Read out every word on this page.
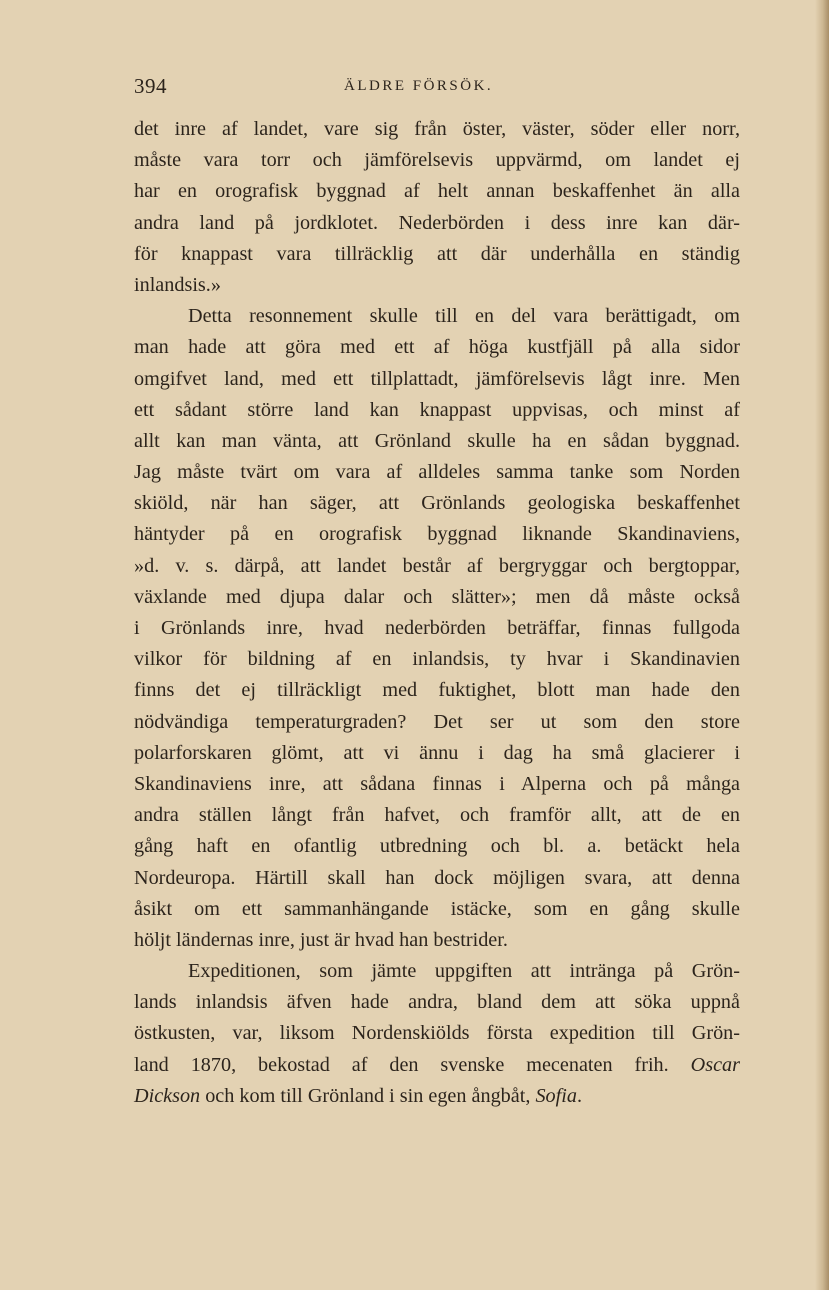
394	ÄLDRE FÖRSÖK.
det inre af landet, vare sig från öster, väster, söder eller norr,
måste vara torr och jämförelsevis uppvärmd, om landet ej
har en orografisk byggnad af helt annan beskaffenhet än alla
andra land på jordklotet. Nederbörden i dess inre kan där-
för knappast vara tillräcklig att där underhålla en ständig
inlandsis.»
Detta resonnement skulle till en del vara berättigadt, om
man hade att göra med ett af höga kustfjäll på alla sidor
omgifvet land, med ett tillplattadt, jämförelsevis lågt inre. Men
ett sådant större land kan knappast uppvisas, och minst af
allt kan man vänta, att Grönland skulle ha en sådan byggnad.
Jag måste tvärt om vara af alldeles samma tanke som Norden
skiöld, när han säger, att Grönlands geologiska beskaffenhet
häntyder på en orografisk byggnad liknande Skandinaviens,
»d. v. s. därpå, att landet består af bergryggar och bergtoppar,
växlande med djupa dalar och slätter»; men då måste också
i Grönlands inre, hvad nederbörden beträffar, finnas fullgoda
vilkor för bildning af en inlandsis, ty hvar i Skandinavien
finns det ej tillräckligt med fuktighet, blott man hade den
nödvändiga temperaturgraden? Det ser ut som den store
polarforskaren glömt, att vi ännu i dag ha små glacierer i
Skandinaviens inre, att sådana finnas i Alperna och på många
andra ställen långt från hafvet, och framför allt, att de en
gång haft en ofantlig utbredning och bl. a. betäckt hela
Nordeuropa. Härtill skall han dock möjligen svara, att denna
åsikt om ett sammanhängande istäcke, som en gång skulle
höljt ländernas inre, just är hvad han bestrider.
Expeditionen, som jämte uppgiften att intränga på Grön-
lands inlandsis äfven hade andra, bland dem att söka uppnå
östkusten, var, liksom Nordenskiölds första expedition till Grön-
land 1870, bekostad af den svenske mecenaten frih. Oscar
Dickson och kom till Grönland i sin egen ångbåt, Sofia.
